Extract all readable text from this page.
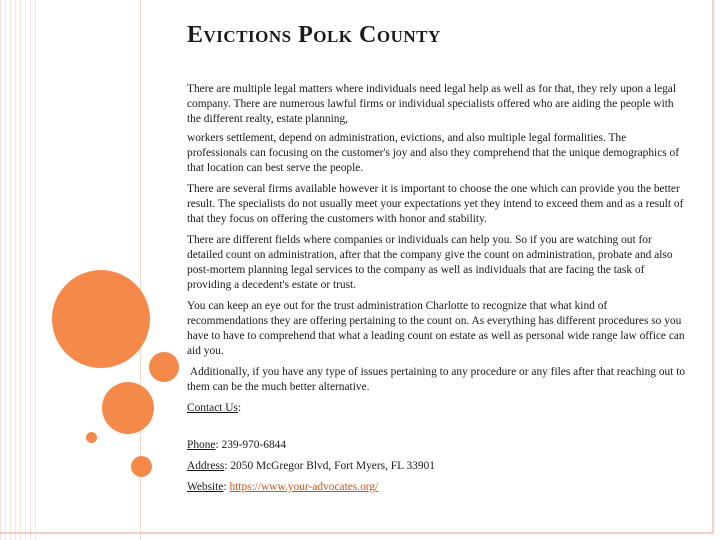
Evictions Polk County

There are multiple legal matters where individuals need legal help as well as for that, they rely upon a legal company. There are numerous lawful firms or individual specialists offered who are aiding the people with the different realty, estate planning,

workers settlement, depend on administration, evictions, and also multiple legal formalities. The professionals can focusing on the customer's joy and also they comprehend that the unique demographics of that location can best serve the people.

There are several firms available however it is important to choose the one which can provide you the better result. The specialists do not usually meet your expectations yet they intend to exceed them and as a result of that they focus on offering the customers with honor and stability.

There are different fields where companies or individuals can help you. So if you are watching out for detailed count on administration, after that the company give the count on administration, probate and also post-mortem planning legal services to the company as well as individuals that are facing the task of providing a decedent's estate or trust.

You can keep an eye out for the trust administration Charlotte to recognize that what kind of recommendations they are offering pertaining to the count on. As everything has different procedures so you have to have to comprehend that what a leading count on estate as well as personal wide range law office can aid you.

Additionally, if you have any type of issues pertaining to any procedure or any files after that reaching out to them can be the much better alternative.

Contact Us:

Phone: 239-970-6844

Address: 2050 McGregor Blvd, Fort Myers, FL 33901

Website: https://www.your-advocates.org/
